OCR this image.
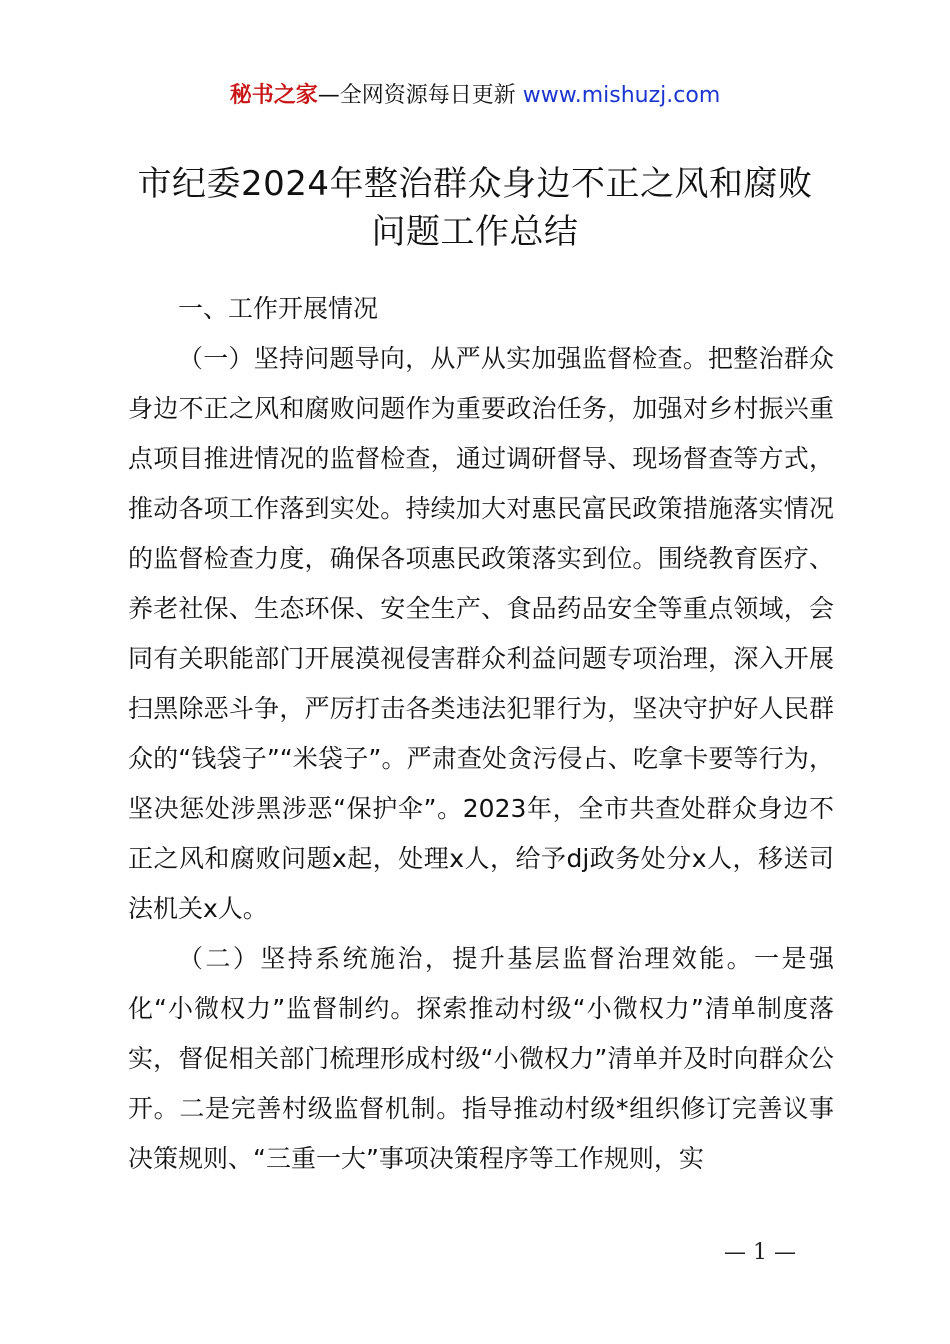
秘书之家—全网资源每日更新 www.mishuzj.com
市纪委2024年整治群众身边不正之风和腐败
问题工作总结

一、工作开展情况

（一）坚持问题导向，从严从实加强监督检查。把整治群众身边不正之风和腐败问题作为重要政治任务，加强对乡村振兴重点项目推进情况的监督检查，通过调研督导、现场督查等方式，推动各项工作落到实处。持续加大对惠民富民政策措施落实情况的监督检查力度，确保各项惠民政策落实到位。围绕教育医疗、养老社保、生态环保、安全生产、食品药品安全等重点领域，会同有关职能部门开展漠视侵害群众利益问题专项治理，深入开展扫黑除恶斗争，严厉打击各类违法犯罪行为，坚决守护好人民群众的“钱袋子”“米袋子”。严肃查处贪污侵占、吃拿卡要等行为，坚决惩处涉黑涉恶“保护伞”。2023年，全市共查处群众身边不正之风和腐败问题x起，处理x人，给予dj政务处分x人，移送司法机关x人。

（二）坚持系统施治，提升基层监督治理效能。一是强化“小微权力”监督制约。探索推动村级“小微权力”清单制度落实，督促相关部门梳理形成村级“小微权力”清单并及时向群众公开。二是完善村级监督机制。指导推动村级*组织修订完善议事决策规则、“三重一大”事项决策程序等工作规则，实

— 1 —
